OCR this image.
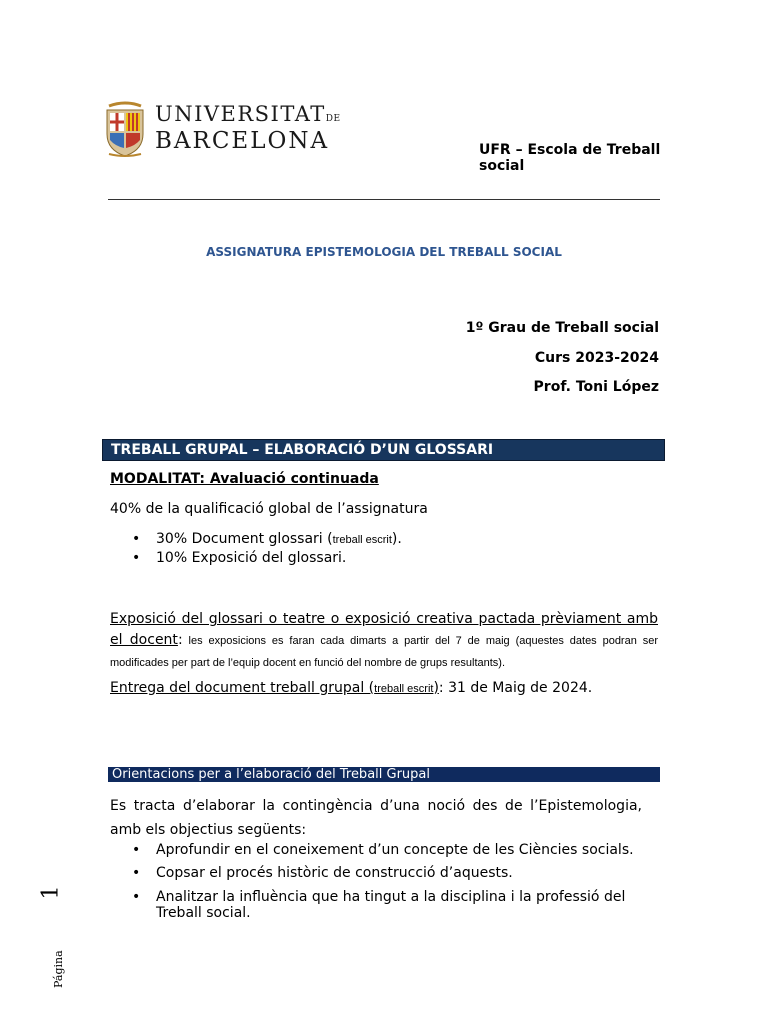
UNIVERSITATDE
BARCELONA	UFR – Escola de Treball social
ASSIGNATURA EPISTEMOLOGIA DEL TREBALL SOCIAL
1º Grau de Treball social
Curs 2023-2024
Prof. Toni López
TREBALL GRUPAL – ELABORACIÓ D’UN GLOSSARI
MODALITAT: Avaluació continuada
40% de la qualificació global de l’assignatura
• 30% Document glossari (treball escrit).
• 10% Exposició del glossari.
Exposició del glossari o teatre o exposició creativa pactada prèviament amb el docent: les exposicions es faran cada dimarts a partir del 7 de maig (aquestes dates podran ser modificades per part de l’equip docent en funció del nombre de grups resultants).
Entrega del document treball grupal (treball escrit): 31 de Maig de 2024.
Orientacions per a l’elaboració del Treball Grupal
Es tracta d’elaborar la contingència d’una noció des de l’Epistemologia, amb els objectius següents:
• Aprofundir en el coneixement d’un concepte de les Ciències socials.
• Copsar el procés històric de construcció d’aquests.
• Analitzar la influència que ha tingut a la disciplina i la professió del Treball social.
Página
1
